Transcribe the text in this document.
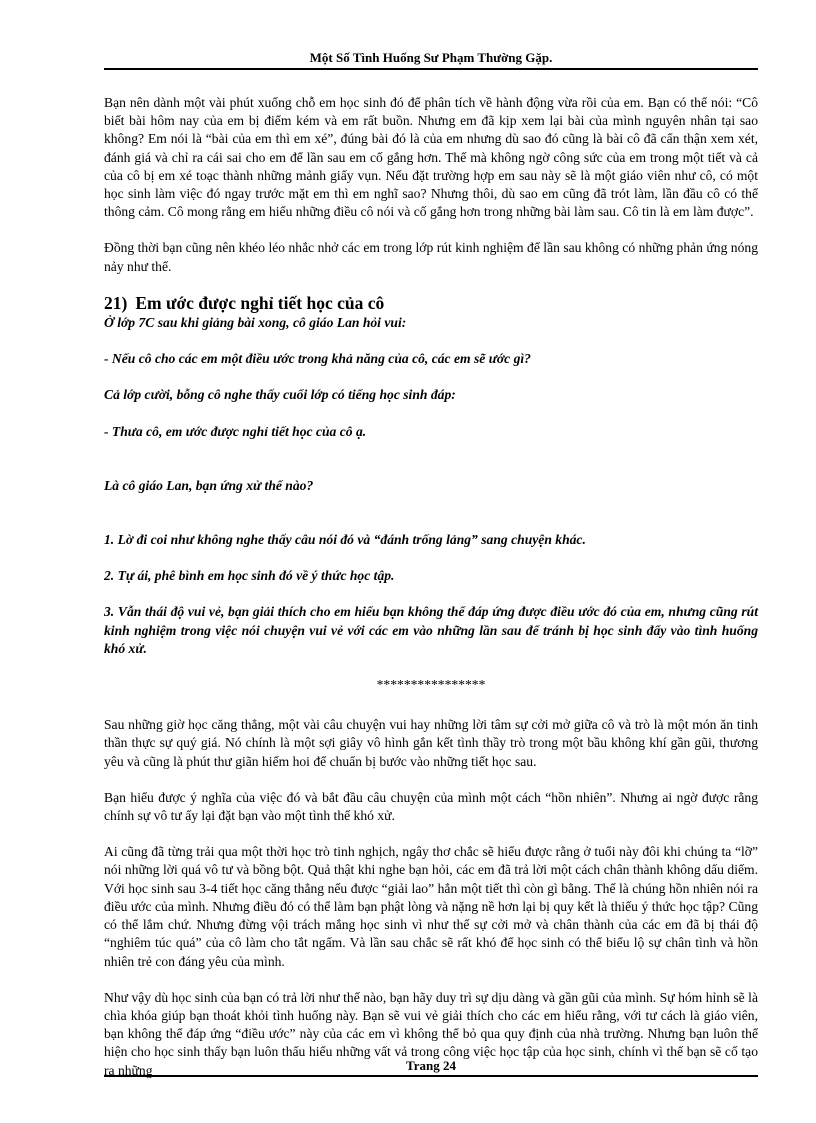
Một Số Tình Huống Sư Phạm Thường Gặp.

Bạn nên dành một vài phút xuống chỗ em học sinh đó để phân tích về hành động vừa rồi của em. Bạn có thể nói: “Cô biết bài hôm nay của em bị điểm kém và em rất buồn. Nhưng em đã kịp xem lại bài của mình nguyên nhân tại sao không? Em nói là “bài của em thì em xé”, đúng bài đó là của em nhưng dù sao đó cũng là bài cô đã cẩn thận xem xét, đánh giá và chỉ ra cái sai cho em để lần sau em cố gắng hơn. Thế mà không ngờ công sức của em trong một tiết và cả của cô bị em xé toạc thành những mảnh giấy vụn. Nếu đặt trường hợp em sau này sẽ là một giáo viên như cô, có một học sinh làm việc đó ngay trước mặt em thì em nghĩ sao? Nhưng thôi, dù sao em cũng đã trót làm, lần đầu cô có thể thông cảm. Cô mong rằng em hiểu những điều cô nói và cố gắng hơn trong những bài làm sau. Cô tin là em làm được”.

Đồng thời bạn cũng nên khéo léo nhắc nhở các em trong lớp rút kinh nghiệm để lần sau không có những phản ứng nóng nảy như thế.

21) Em ước được nghỉ tiết học của cô

Ở lớp 7C sau khi giảng bài xong, cô giáo Lan hỏi vui:

- Nếu cô cho các em một điều ước trong khả năng của cô, các em sẽ ước gì?

Cả lớp cười, bỗng cô nghe thấy cuối lớp có tiếng học sinh đáp:

- Thưa cô, em ước được nghỉ tiết học của cô ạ.

Là cô giáo Lan, bạn ứng xử thế nào?

1. Lờ đi coi như không nghe thấy câu nói đó và “đánh trống lảng” sang chuyện khác.

2. Tự ái, phê bình em học sinh đó về ý thức học tập.

3. Vẫn thái độ vui vẻ, bạn giải thích cho em hiểu bạn không thể đáp ứng được điều ước đó của em, nhưng cũng rút kinh nghiệm trong việc nói chuyện vui vẻ với các em vào những lần sau để tránh bị học sinh đẩy vào tình huống khó xử.

****************

Sau những giờ học căng thẳng, một vài câu chuyện vui hay những lời tâm sự cởi mở giữa cô và trò là một món ăn tinh thần thực sự quý giá. Nó chính là một sợi giây vô hình gắn kết tình thầy trò trong một bầu không khí gần gũi, thương yêu và cũng là phút thư giãn hiếm hoi để chuẩn bị bước vào những tiết học sau.

Bạn hiểu được ý nghĩa của việc đó và bắt đầu câu chuyện của mình một cách “hồn nhiên”. Nhưng ai ngờ được rằng chính sự vô tư ấy lại đặt bạn vào một tình thế khó xử.

Ai cũng đã từng trải qua một thời học trò tinh nghịch, ngây thơ chắc sẽ hiểu được rằng ở tuổi này đôi khi chúng ta “lỡ” nói những lời quá vô tư và bồng bột. Quả thật khi nghe bạn hỏi, các em đã trả lời một cách chân thành không dấu diếm. Với học sinh sau 3-4 tiết học căng thẳng nếu được “giải lao” hẳn một tiết thì còn gì bằng. Thế là chúng hồn nhiên nói ra điều ước của mình. Nhưng điều đó có thể làm bạn phật lòng và nặng nề hơn lại bị quy kết là thiếu ý thức học tập? Cũng có thể lắm chứ. Nhưng đừng vội trách mắng học sinh vì như thế sự cởi mở và chân thành của các em đã bị thái độ “nghiêm túc quá” của cô làm cho tắt ngấm. Và lần sau chắc sẽ rất khó để học sinh có thể biểu lộ sự chân tình và hồn nhiên trẻ con đáng yêu của mình.

Như vậy dù học sinh của bạn có trả lời như thế nào, bạn hãy duy trì sự dịu dàng và gần gũi của mình. Sự hóm hỉnh sẽ là chìa khóa giúp bạn thoát khỏi tình huống này. Bạn sẽ vui vẻ giải thích cho các em hiểu rằng, với tư cách là giáo viên, bạn không thể đáp ứng “điều ước” này của các em vì không thể bỏ qua quy định của nhà trường. Nhưng bạn luôn thể hiện cho học sinh thấy bạn luôn thấu hiểu những vất vả trong công việc học tập của học sinh, chính vì thế bạn sẽ cố tạo ra những	Trang 24
